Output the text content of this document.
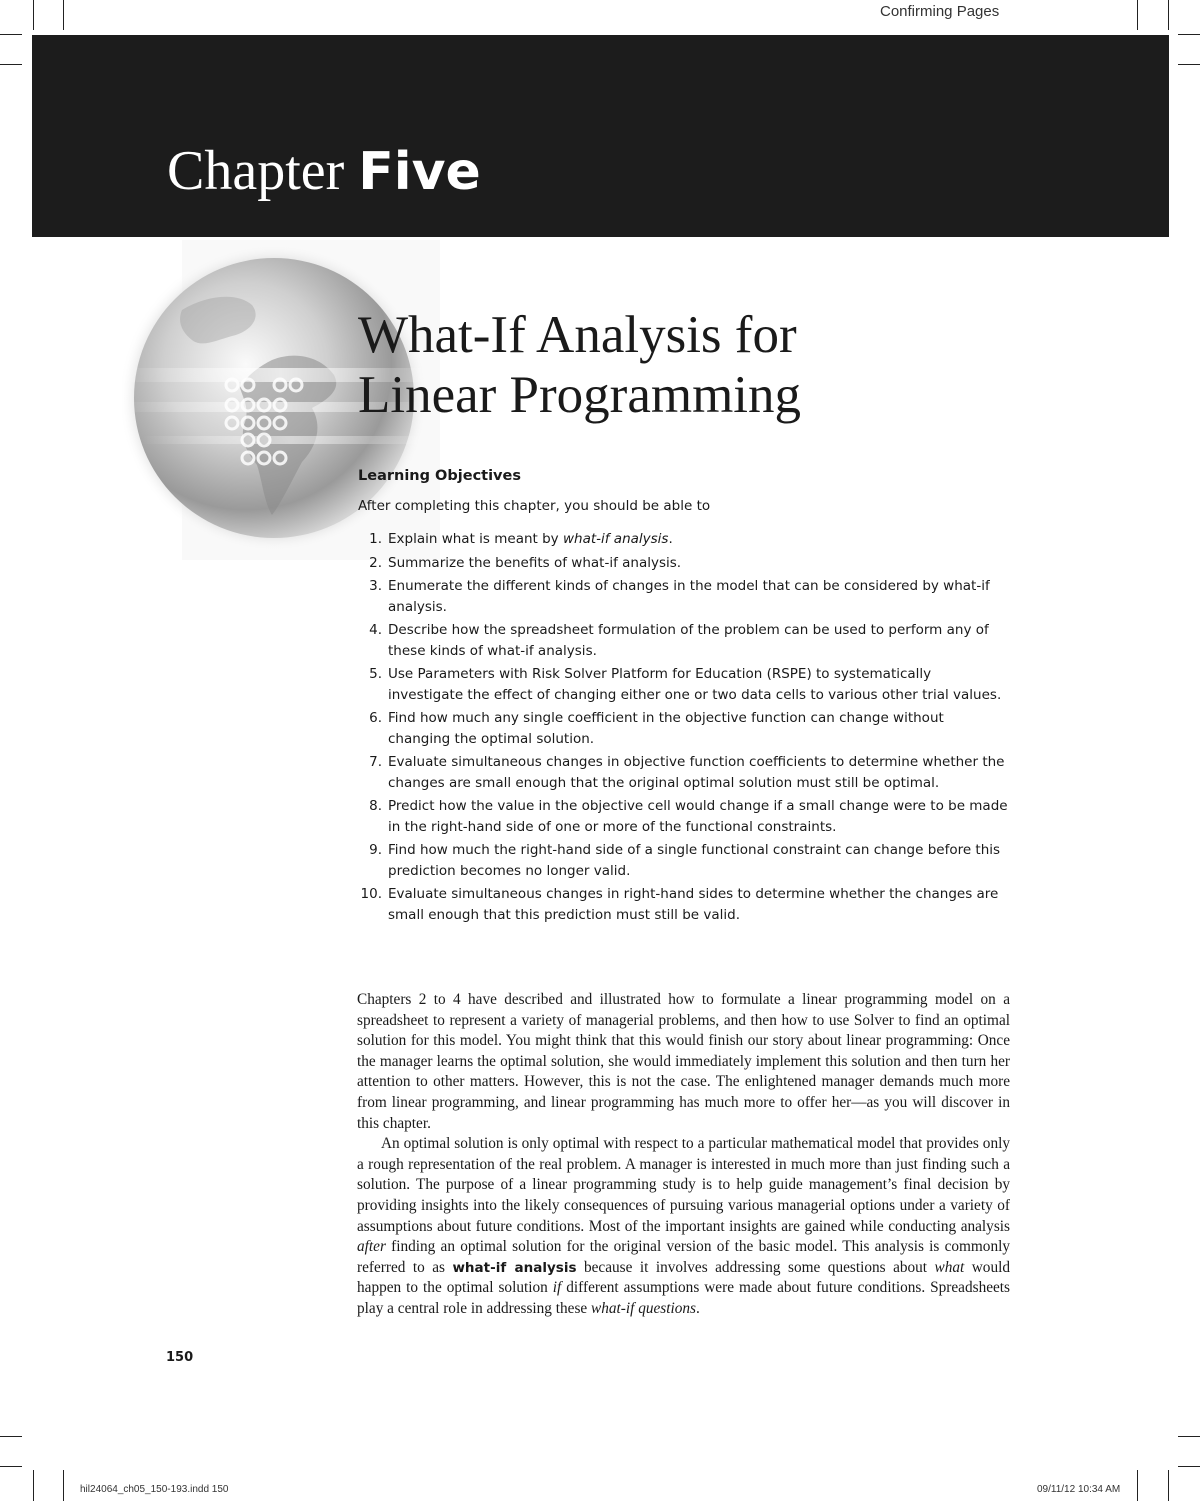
Confirming Pages
Chapter Five
What-If Analysis for
Linear Programming
Learning Objectives

After completing this chapter, you should be able to

1. Explain what is meant by what-if analysis.
2. Summarize the benefits of what-if analysis.
3. Enumerate the different kinds of changes in the model that can be considered by what-if analysis.
4. Describe how the spreadsheet formulation of the problem can be used to perform any of these kinds of what-if analysis.
5. Use Parameters with Risk Solver Platform for Education (RSPE) to systematically investigate the effect of changing either one or two data cells to various other trial values.
6. Find how much any single coefficient in the objective function can change without changing the optimal solution.
7. Evaluate simultaneous changes in objective function coefficients to determine whether the changes are small enough that the original optimal solution must still be optimal.
8. Predict how the value in the objective cell would change if a small change were to be made in the right-hand side of one or more of the functional constraints.
9. Find how much the right-hand side of a single functional constraint can change before this prediction becomes no longer valid.
10. Evaluate simultaneous changes in right-hand sides to determine whether the changes are small enough that this prediction must still be valid.

Chapters 2 to 4 have described and illustrated how to formulate a linear programming model on a spreadsheet to represent a variety of managerial problems, and then how to use Solver to find an optimal solution for this model. You might think that this would finish our story about linear programming: Once the manager learns the optimal solution, she would immediately implement this solution and then turn her attention to other matters. However, this is not the case. The enlightened manager demands much more from linear programming, and linear programming has much more to offer her—as you will discover in this chapter.

An optimal solution is only optimal with respect to a particular mathematical model that provides only a rough representation of the real problem. A manager is interested in much more than just finding such a solution. The purpose of a linear programming study is to help guide management’s final decision by providing insights into the likely consequences of pursuing various managerial options under a variety of assumptions about future conditions. Most of the important insights are gained while conducting analysis after finding an optimal solution for the original version of the basic model. This analysis is commonly referred to as what-if analysis because it involves addressing some questions about what would happen to the optimal solution if different assumptions were made about future conditions. Spreadsheets play a central role in addressing these what-if questions.

150
hil24064_ch05_150-193.indd 150	09/11/12 10:34 AM
